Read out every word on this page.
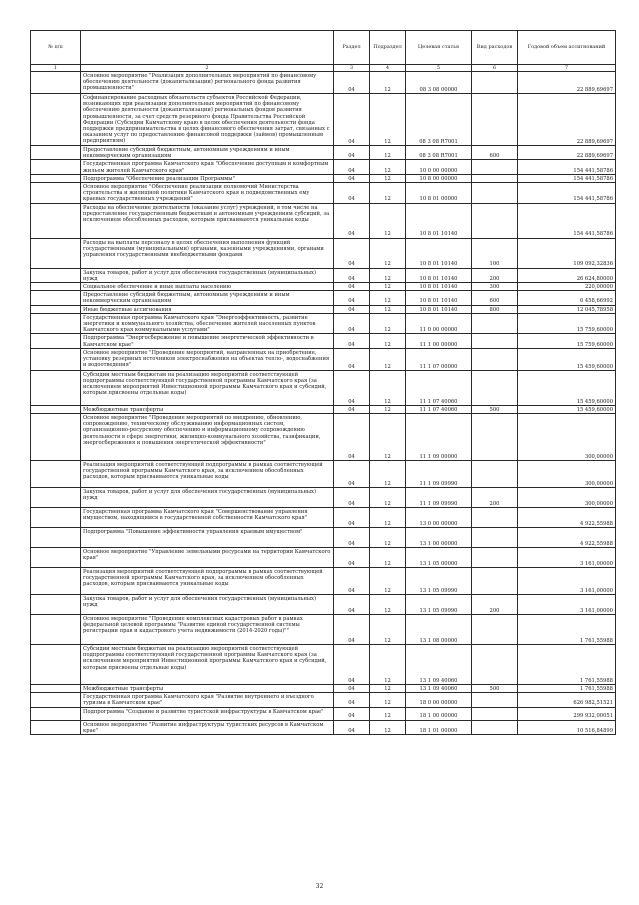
№ п/п		Раздел	Подраздел	Целевая статья	Вид расходов	Годовой объем ассигнований
1	2	3	4	5	6	7
	Основное мероприятие "Реализация дополнительных мероприятий по финансовому обеспечению деятельности (докапитализации) регионального фонда развития промышленности"	04	12	08 3 08 00000		22 889,69697
	Софинансирование расходных обязательств субъектов Российской Федерации, возникающих при реализации дополнительных мероприятий по финансовому обеспечению деятельности (докапитализации) региональных фондов развития промышленности, за счет средств резервного фонда Правительства Российской Федерации (Субсидии Камчатскому краю в целях обеспечения деятельности фонда поддержки предпринимательства в целях финансового обеспечения затрат, связанных с оказанием услуг по предоставлению финансовой поддержки (займов) промышленным предприятиям)	04	12	08 3 08 R7001		22 889,69697
	Предоставление субсидий бюджетным, автономным учреждениям и иным некоммерческим организациям	04	12	08 3 08 R7001	600	22 889,69697
	Государственная программа Камчатского края "Обеспечение доступным и комфортным жильем жителей Камчатского края"	04	12	10 0 00 00000		154 441,58786
	Подпрограмма "Обеспечение реализации Программы"	04	12	10 8 00 00000		154 441,58786
	Основное мероприятие "Обеспечение реализации полномочий Министерства строительства и жилищной политики Камчатского края и подведомственных ему краевых государственных учреждений"	04	12	10 8 01 00000		154 441,58786
	Расходы на обеспечение деятельности (оказание услуг) учреждений, в том числе на предоставление государственным бюджетным и автономным учреждениям субсидий, за исключением обособленных расходов, которым присваиваются уникальные коды	04	12	10 8 01 10140		154 441,58786
	Расходы на выплаты персоналу в целях обеспечения выполнения функций государственными (муниципальными) органами, казенными учреждениями, органами управления государственными внебюджетными фондами	04	12	10 8 01 10140	100	109 092,32836
	Закупка товаров, работ и услуг для обеспечения государственных (муниципальных) нужд	04	12	10 8 01 10140	200	26 624,80000
	Социальное обеспечение и иные выплаты населению	04	12	10 8 01 10140	300	220,00000
	Предоставление субсидий бюджетным, автономным учреждениям и иным некоммерческим организациям	04	12	10 8 01 10140	600	6 458,66992
	Иные бюджетные ассигнования	04	12	10 8 01 10140	800	12 045,78958
	Государственная программа Камчатского края "Энергоэффективность, развитие энергетики и коммунального хозяйства, обеспечение жителей населенных пунктов Камчатского края коммунальными услугами"	04	12	11 0 00 00000		15 759,60000
	Подпрограмма "Энергосбережение и повышение энергетической эффективности в Камчатском крае"	04	12	11 1 00 00000		15 759,60000
	Основное мероприятие "Проведение мероприятий, направленных на приобретение, установку резервных источников электроснабжения на объектах тепло-, водоснабжения и водоотведения"	04	12	11 1 07 00000		15 459,60000
	Субсидии местным бюджетам на реализацию мероприятий соответствующей подпрограммы соответствующей государственной программы Камчатского края (за исключением мероприятий Инвестиционной программы Камчатского края и субсидий, которым присвоены отдельные коды)	04	12	11 1 07 40060		15 459,60000
	Межбюджетные трансферты	04	12	11 1 07 40060	500	15 459,60000
	Основное мероприятие "Проведение мероприятий по внедрению, обновлению, сопровождению, техническому обслуживанию информационных систем, организационно-ресурсному обеспечению и информационному сопровождению деятельности в сфере энергетики, жилищно-коммунального хозяйства, газификации, энергосбережения и повышения энергетической эффективности"	04	12	11 1 09 00000		300,00000
	Реализация мероприятий соответствующей подпрограммы в рамках соответствующей государственной программы Камчатского края, за исключением обособленных расходов, которым присваиваются уникальные коды	04	12	11 1 09 09990		300,00000
	Закупка товаров, работ и услуг для обеспечения государственных (муниципальных) нужд	04	12	11 1 09 09990	200	300,00000
	Государственная программа Камчатского края "Совершенствование управления имуществом, находящимся в государственной собственности Камчатского края"	04	12	13 0 00 00000		4 922,55988
	Подпрограмма "Повышение эффективности управления краевым имуществом"	04	12	13 1 00 00000		4 922,55988
	Основное мероприятие "Управление земельными ресурсами на территории Камчатского края"	04	12	13 1 05 00000		3 161,00000
	Реализация мероприятий соответствующей подпрограммы в рамках соответствующей государственной программы Камчатского края, за исключением обособленных расходов, которым присваиваются уникальные коды	04	12	13 1 05 09990		3 161,00000
	Закупка товаров, работ и услуг для обеспечения государственных (муниципальных) нужд	04	12	13 1 05 09990	200	3 161,00000
	Основное мероприятие "Проведение комплексных кадастровых работ в рамках федеральной целевой программы "Развитие единой государственной системы регистрации прав и кадастрового учета недвижимости (2014-2020 годы)""	04	12	13 1 08 00000		1 761,55988
	Субсидии местным бюджетам на реализацию мероприятий соответствующей подпрограммы соответствующей государственной программы Камчатского края (за исключением мероприятий Инвестиционной программы Камчатского края и субсидий, которым присвоены отдельные коды)	04	12	13 1 09 40060		1 761,55988
	Межбюджетные трансферты	04	12	13 1 09 40060	500	1 761,55988
	Государственная программа Камчатского края "Развитие внутреннего и въездного туризма в Камчатском крае"	04	12	18 0 00 00000		626 982,51521
	Подпрограмма "Создание и развитие туристской инфраструктуры в Камчатском крае"	04	12	18 1 00 00000		299 932,00051
	Основное мероприятие "Развитие инфраструктуры туристских ресурсов в Камчатском крае"	04	12	18 1 01 00000		10 516,84899
32
